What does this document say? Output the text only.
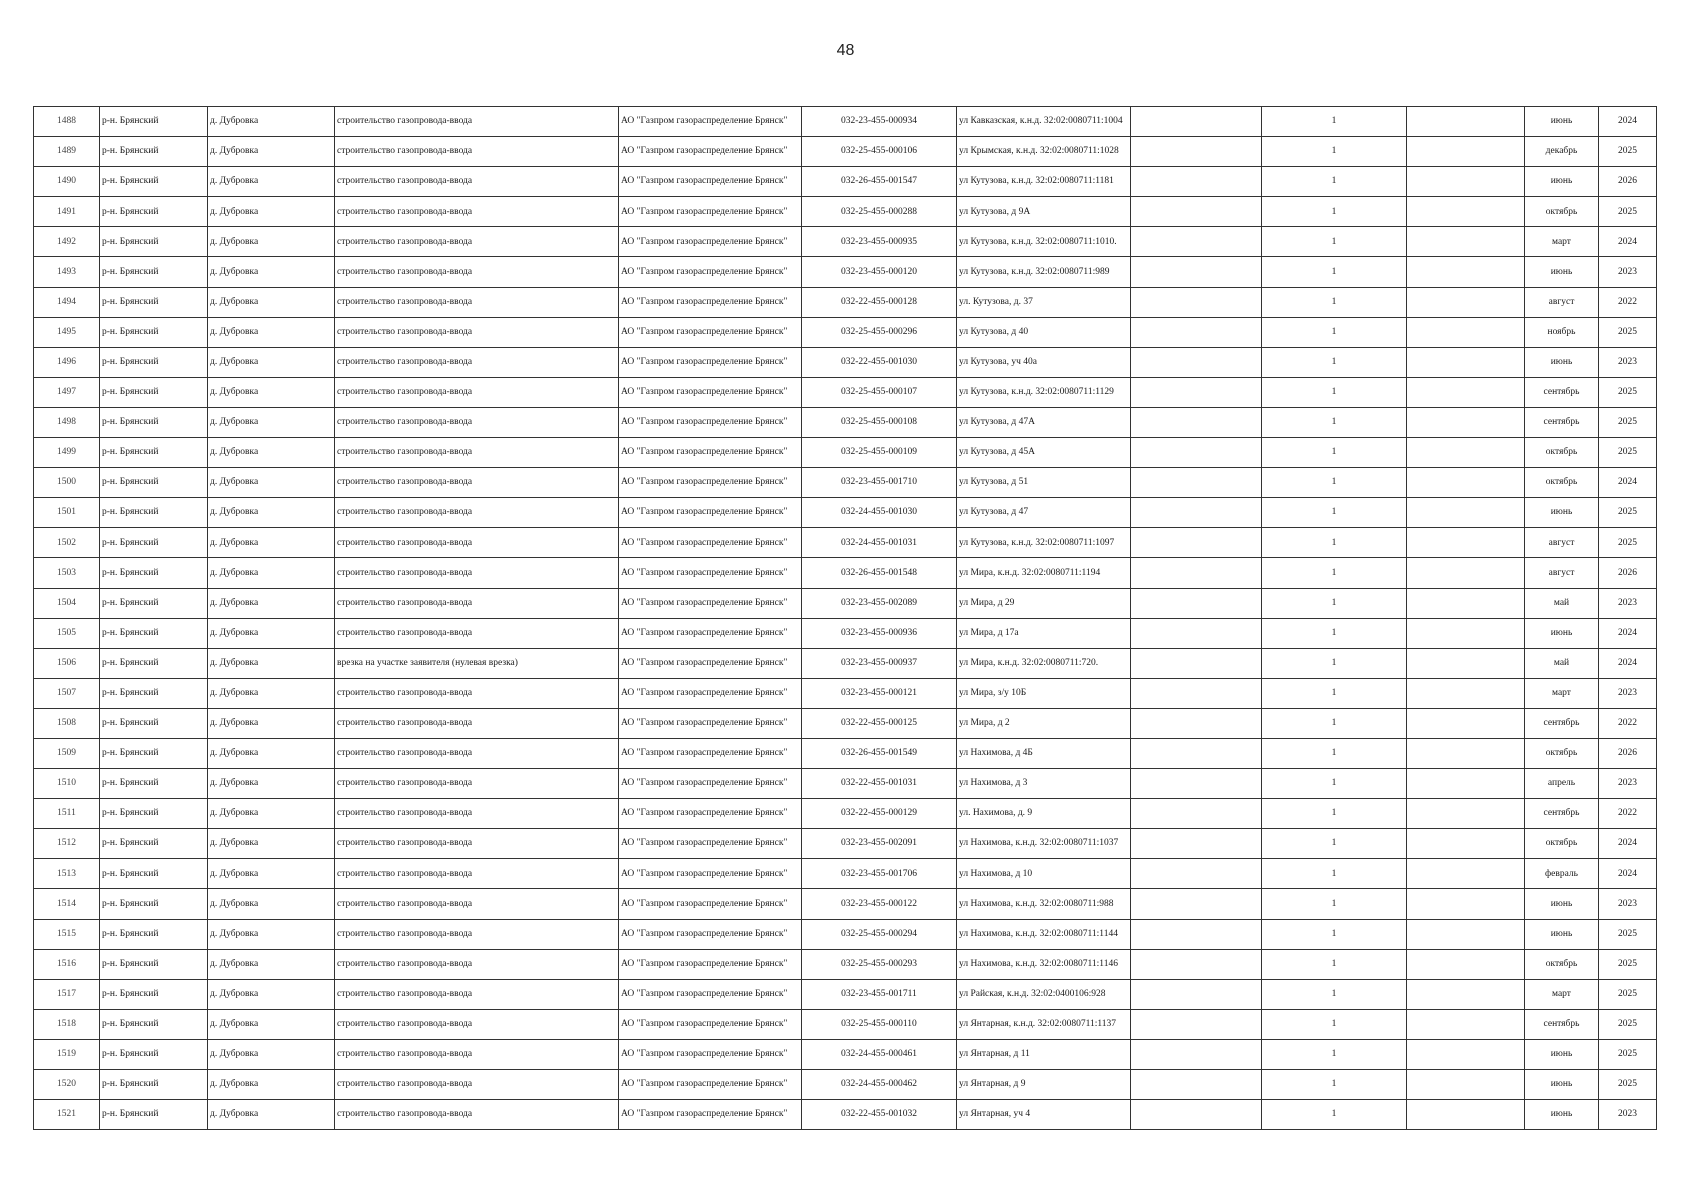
48
1488	р-н. Брянский	д. Дубровка	строительство газопровода-ввода	АО "Газпром газораспределение Брянск"	032-23-455-000934	ул Кавказская, к.н.д. 32:02:0080711:1004		1		июнь	2024
1489	р-н. Брянский	д. Дубровка	строительство газопровода-ввода	АО "Газпром газораспределение Брянск"	032-25-455-000106	ул Крымская, к.н.д. 32:02:0080711:1028		1		декабрь	2025
1490	р-н. Брянский	д. Дубровка	строительство газопровода-ввода	АО "Газпром газораспределение Брянск"	032-26-455-001547	ул Кутузова, к.н.д. 32:02:0080711:1181		1		июнь	2026
1491	р-н. Брянский	д. Дубровка	строительство газопровода-ввода	АО "Газпром газораспределение Брянск"	032-25-455-000288	ул Кутузова, д 9А		1		октябрь	2025
1492	р-н. Брянский	д. Дубровка	строительство газопровода-ввода	АО "Газпром газораспределение Брянск"	032-23-455-000935	ул Кутузова, к.н.д. 32:02:0080711:1010.		1		март	2024
1493	р-н. Брянский	д. Дубровка	строительство газопровода-ввода	АО "Газпром газораспределение Брянск"	032-23-455-000120	ул Кутузова, к.н.д. 32:02:0080711:989		1		июнь	2023
1494	р-н. Брянский	д. Дубровка	строительство газопровода-ввода	АО "Газпром газораспределение Брянск"	032-22-455-000128	ул. Кутузова, д. 37		1		август	2022
1495	р-н. Брянский	д. Дубровка	строительство газопровода-ввода	АО "Газпром газораспределение Брянск"	032-25-455-000296	ул Кутузова, д 40		1		ноябрь	2025
1496	р-н. Брянский	д. Дубровка	строительство газопровода-ввода	АО "Газпром газораспределение Брянск"	032-22-455-001030	ул Кутузова, уч 40а		1		июнь	2023
1497	р-н. Брянский	д. Дубровка	строительство газопровода-ввода	АО "Газпром газораспределение Брянск"	032-25-455-000107	ул Кутузова, к.н.д. 32:02:0080711:1129		1		сентябрь	2025
1498	р-н. Брянский	д. Дубровка	строительство газопровода-ввода	АО "Газпром газораспределение Брянск"	032-25-455-000108	ул Кутузова, д 47А		1		сентябрь	2025
1499	р-н. Брянский	д. Дубровка	строительство газопровода-ввода	АО "Газпром газораспределение Брянск"	032-25-455-000109	ул Кутузова, д 45А		1		октябрь	2025
1500	р-н. Брянский	д. Дубровка	строительство газопровода-ввода	АО "Газпром газораспределение Брянск"	032-23-455-001710	ул Кутузова, д 51		1		октябрь	2024
1501	р-н. Брянский	д. Дубровка	строительство газопровода-ввода	АО "Газпром газораспределение Брянск"	032-24-455-001030	ул Кутузова, д 47		1		июнь	2025
1502	р-н. Брянский	д. Дубровка	строительство газопровода-ввода	АО "Газпром газораспределение Брянск"	032-24-455-001031	ул Кутузова, к.н.д. 32:02:0080711:1097		1		август	2025
1503	р-н. Брянский	д. Дубровка	строительство газопровода-ввода	АО "Газпром газораспределение Брянск"	032-26-455-001548	ул Мира, к.н.д. 32:02:0080711:1194		1		август	2026
1504	р-н. Брянский	д. Дубровка	строительство газопровода-ввода	АО "Газпром газораспределение Брянск"	032-23-455-002089	ул Мира, д 29		1		май	2023
1505	р-н. Брянский	д. Дубровка	строительство газопровода-ввода	АО "Газпром газораспределение Брянск"	032-23-455-000936	ул Мира, д 17а		1		июнь	2024
1506	р-н. Брянский	д. Дубровка	врезка на участке заявителя (нулевая врезка)	АО "Газпром газораспределение Брянск"	032-23-455-000937	ул Мира, к.н.д. 32:02:0080711:720.		1		май	2024
1507	р-н. Брянский	д. Дубровка	строительство газопровода-ввода	АО "Газпром газораспределение Брянск"	032-23-455-000121	ул Мира, з/у 10Б		1		март	2023
1508	р-н. Брянский	д. Дубровка	строительство газопровода-ввода	АО "Газпром газораспределение Брянск"	032-22-455-000125	ул Мира, д 2		1		сентябрь	2022
1509	р-н. Брянский	д. Дубровка	строительство газопровода-ввода	АО "Газпром газораспределение Брянск"	032-26-455-001549	ул Нахимова, д 4Б		1		октябрь	2026
1510	р-н. Брянский	д. Дубровка	строительство газопровода-ввода	АО "Газпром газораспределение Брянск"	032-22-455-001031	ул Нахимова, д 3		1		апрель	2023
1511	р-н. Брянский	д. Дубровка	строительство газопровода-ввода	АО "Газпром газораспределение Брянск"	032-22-455-000129	ул. Нахимова, д. 9		1		сентябрь	2022
1512	р-н. Брянский	д. Дубровка	строительство газопровода-ввода	АО "Газпром газораспределение Брянск"	032-23-455-002091	ул Нахимова, к.н.д. 32:02:0080711:1037		1		октябрь	2024
1513	р-н. Брянский	д. Дубровка	строительство газопровода-ввода	АО "Газпром газораспределение Брянск"	032-23-455-001706	ул Нахимова, д 10		1		февраль	2024
1514	р-н. Брянский	д. Дубровка	строительство газопровода-ввода	АО "Газпром газораспределение Брянск"	032-23-455-000122	ул Нахимова, к.н.д. 32:02:0080711:988		1		июнь	2023
1515	р-н. Брянский	д. Дубровка	строительство газопровода-ввода	АО "Газпром газораспределение Брянск"	032-25-455-000294	ул Нахимова, к.н.д. 32:02:0080711:1144		1		июнь	2025
1516	р-н. Брянский	д. Дубровка	строительство газопровода-ввода	АО "Газпром газораспределение Брянск"	032-25-455-000293	ул Нахимова, к.н.д. 32:02:0080711:1146		1		октябрь	2025
1517	р-н. Брянский	д. Дубровка	строительство газопровода-ввода	АО "Газпром газораспределение Брянск"	032-23-455-001711	ул Райская, к.н.д. 32:02:0400106:928		1		март	2025
1518	р-н. Брянский	д. Дубровка	строительство газопровода-ввода	АО "Газпром газораспределение Брянск"	032-25-455-000110	ул Янтарная, к.н.д. 32:02:0080711:1137		1		сентябрь	2025
1519	р-н. Брянский	д. Дубровка	строительство газопровода-ввода	АО "Газпром газораспределение Брянск"	032-24-455-000461	ул Янтарная, д 11		1		июнь	2025
1520	р-н. Брянский	д. Дубровка	строительство газопровода-ввода	АО "Газпром газораспределение Брянск"	032-24-455-000462	ул Янтарная, д 9		1		июнь	2025
1521	р-н. Брянский	д. Дубровка	строительство газопровода-ввода	АО "Газпром газораспределение Брянск"	032-22-455-001032	ул Янтарная, уч 4		1		июнь	2023
